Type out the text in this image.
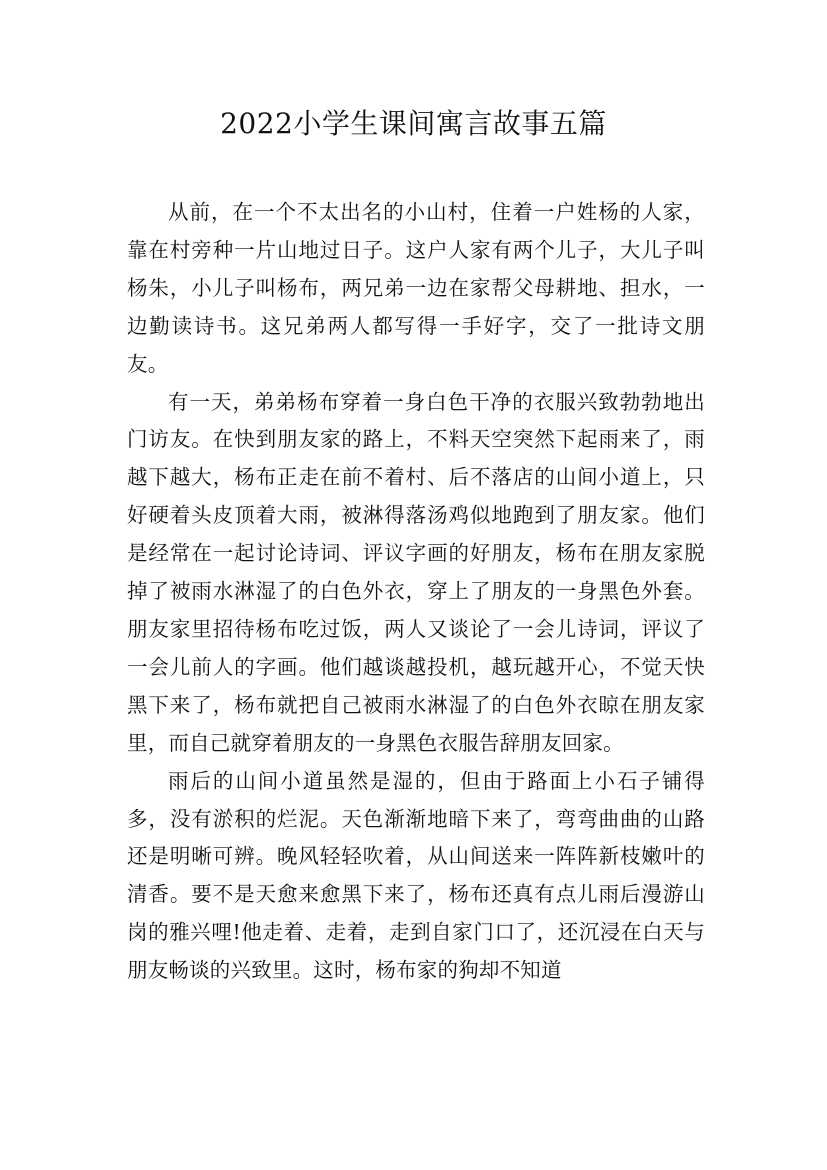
2022小学生课间寓言故事五篇

从前，在一个不太出名的小山村，住着一户姓杨的人家，靠在村旁种一片山地过日子。这户人家有两个儿子，大儿子叫杨朱，小儿子叫杨布，两兄弟一边在家帮父母耕地、担水，一边勤读诗书。这兄弟两人都写得一手好字，交了一批诗文朋友。

有一天，弟弟杨布穿着一身白色干净的衣服兴致勃勃地出门访友。在快到朋友家的路上，不料天空突然下起雨来了，雨越下越大，杨布正走在前不着村、后不落店的山间小道上，只好硬着头皮顶着大雨，被淋得落汤鸡似地跑到了朋友家。他们是经常在一起讨论诗词、评议字画的好朋友，杨布在朋友家脱掉了被雨水淋湿了的白色外衣，穿上了朋友的一身黑色外套。朋友家里招待杨布吃过饭，两人又谈论了一会儿诗词，评议了一会儿前人的字画。他们越谈越投机，越玩越开心，不觉天快黑下来了，杨布就把自己被雨水淋湿了的白色外衣晾在朋友家里，而自己就穿着朋友的一身黑色衣服告辞朋友回家。

雨后的山间小道虽然是湿的，但由于路面上小石子铺得多，没有淤积的烂泥。天色渐渐地暗下来了，弯弯曲曲的山路还是明晰可辨。晚风轻轻吹着，从山间送来一阵阵新枝嫩叶的清香。要不是天愈来愈黑下来了，杨布还真有点儿雨后漫游山岗的雅兴哩!他走着、走着，走到自家门口了，还沉浸在白天与朋友畅谈的兴致里。这时，杨布家的狗却不知道
